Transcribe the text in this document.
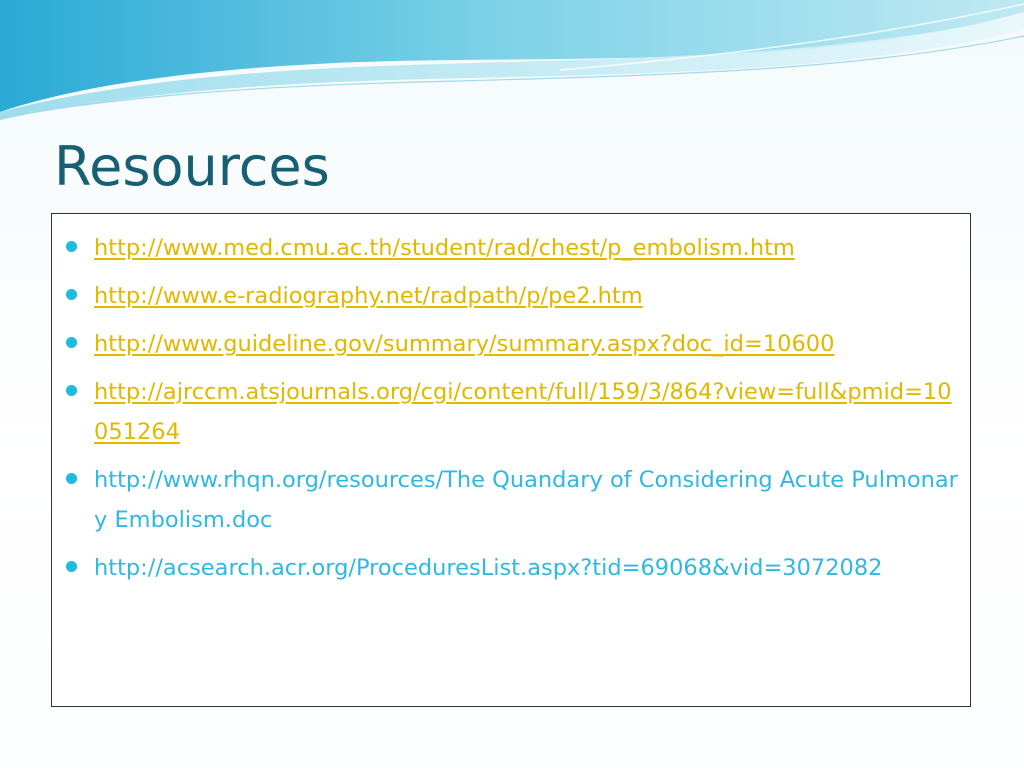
Resources
http://www.med.cmu.ac.th/student/rad/chest/p_embolism.htm
http://www.e-radiography.net/radpath/p/pe2.htm
http://www.guideline.gov/summary/summary.aspx?doc_id=10600
http://ajrccm.atsjournals.org/cgi/content/full/159/3/864?view=full&pmid=10051264
http://www.rhqn.org/resources/The Quandary of Considering Acute Pulmonary Embolism.doc
http://acsearch.acr.org/ProceduresList.aspx?tid=69068&vid=3072082
